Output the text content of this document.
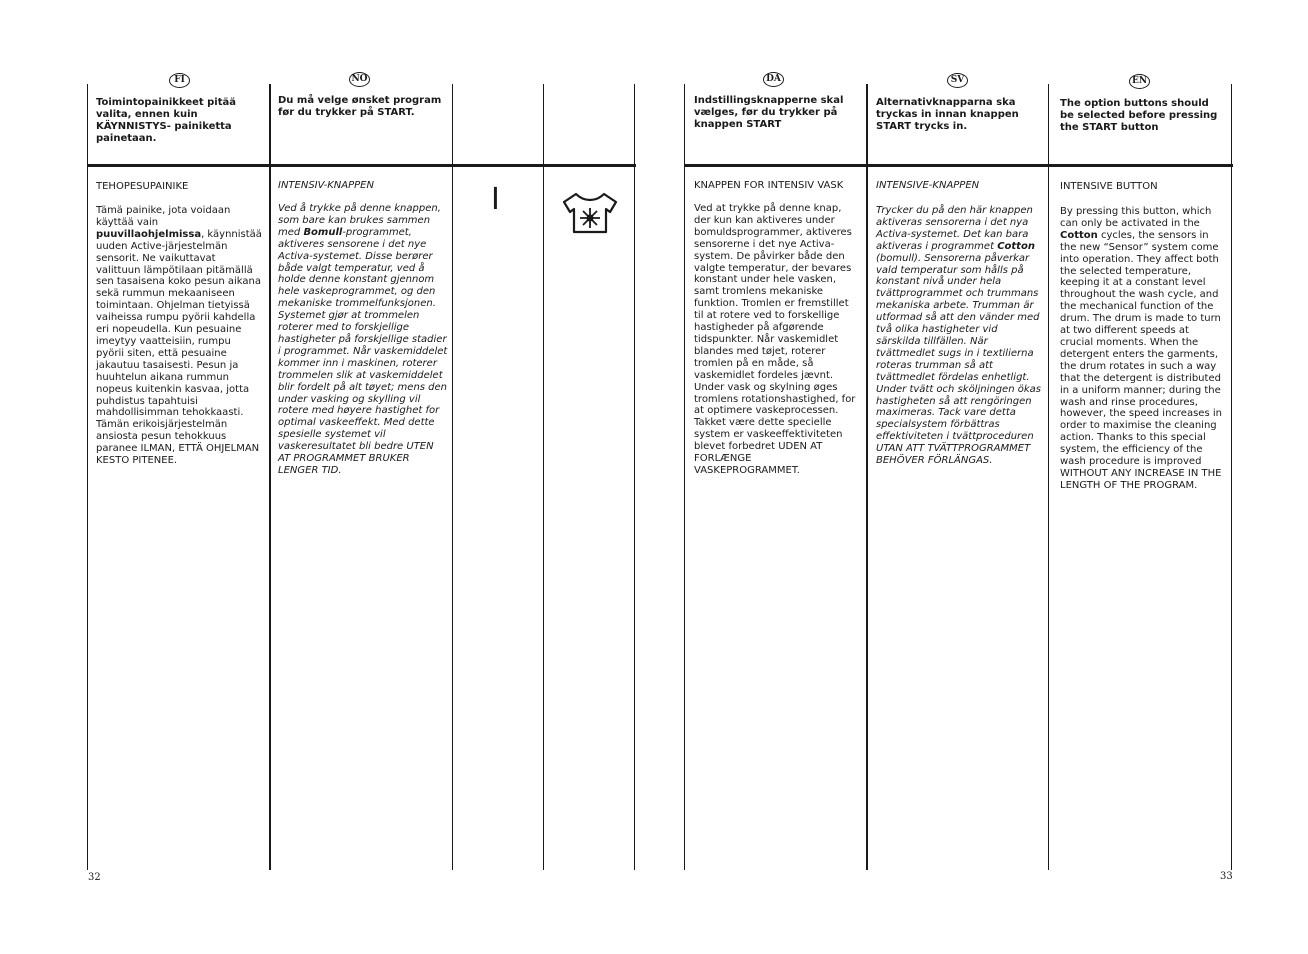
FI
Toimintopainikkeet pitää valita, ennen kuin KÄYNNISTYS- painiketta painetaan.
TEHOPESUPAINIKE
Tämä painike, jota voidaan käyttää vain puuvillaohjelmissa, käynnistää uuden Active-järjestelmän sensorit. Ne vaikuttavat valittuun lämpötilaan pitämällä sen tasaisena koko pesun aikana sekä rummun mekaaniseen toimintaan. Ohjelman tietyissä vaiheissa rumpu pyörii kahdella eri nopeudella. Kun pesuaine imeytyy vaatteisiin, rumpu pyörii siten, että pesuaine jakautuu tasaisesti. Pesun ja huuhtelun aikana rummun nopeus kuitenkin kasvaa, jotta puhdistus tapahtuisi mahdollisimman tehokkaasti. Tämän erikoisjärjestelmän ansiosta pesun tehokkuus paranee ILMAN, ETTÄ OHJELMAN KESTO PITENEE.
NO
Du må velge ønsket program før du trykker på START.
INTENSIV-KNAPPEN
Ved å trykke på denne knappen, som bare kan brukes sammen med Bomull-programmet, aktiveres sensorene i det nye Activa-systemet. Disse berører både valgt temperatur, ved å holde denne konstant gjennom hele vaskeprogrammet, og den mekaniske trommelfunksjonen. Systemet gjør at trommelen roterer med to forskjellige hastigheter på forskjellige stadier i programmet. Når vaskemiddelet kommer inn i maskinen, roterer trommelen slik at vaskemiddelet blir fordelt på alt tøyet; mens den under vasking og skylling vil rotere med høyere hastighet for optimal vaskeeffekt. Med dette spesielle systemet vil vaskeresultatet bli bedre UTEN AT PROGRAMMET BRUKER LENGER TID.
I
32
DA
Indstillingsknapperne skal vælges, før du trykker på knappen START
KNAPPEN FOR INTENSIV VASK
Ved at trykke på denne knap, der kun kan aktiveres under bomuldsprogrammer, aktiveres sensorerne i det nye Activa-system. De påvirker både den valgte temperatur, der bevares konstant under hele vasken, samt tromlens mekaniske funktion. Tromlen er fremstillet til at rotere ved to forskellige hastigheder på afgørende tidspunkter. Når vaskemidlet blandes med tøjet, roterer tromlen på en måde, så vaskemidlet fordeles jævnt. Under vask og skylning øges tromlens rotationshastighed, for at optimere vaskeprocessen. Takket være dette specielle system er vaskeeffektiviteten blevet forbedret UDEN AT FORLÆNGE VASKEPROGRAMMET.
SV
Alternativknapparna ska tryckas in innan knappen START trycks in.
INTENSIVE-KNAPPEN
Trycker du på den här knappen aktiveras sensorerna i det nya Activa-systemet. Det kan bara aktiveras i programmet Cotton (bomull). Sensorerna påverkar vald temperatur som hålls på konstant nivå under hela tvättprogrammet och trummans mekaniska arbete. Trumman är utformad så att den vänder med två olika hastigheter vid särskilda tillfällen. När tvättmedlet sugs in i textilierna roteras trumman så att tvättmedlet fördelas enhetligt. Under tvätt och sköljningen ökas hastigheten så att rengöringen maximeras. Tack vare detta specialsystem förbättras effektiviteten i tvättproceduren UTAN ATT TVÄTTPROGRAMMET BEHÖVER FÖRLÄNGAS.
EN
The option buttons should be selected before pressing the START button
INTENSIVE BUTTON
By pressing this button, which can only be activated in the Cotton cycles, the sensors in the new “Sensor” system come into operation. They affect both the selected temperature, keeping it at a constant level throughout the wash cycle, and the mechanical function of the drum. The drum is made to turn at two different speeds at crucial moments. When the detergent enters the garments, the drum rotates in such a way that the detergent is distributed in a uniform manner; during the wash and rinse procedures, however, the speed increases in order to maximise the cleaning action. Thanks to this special system, the efficiency of the wash procedure is improved WITHOUT ANY INCREASE IN THE LENGTH OF THE PROGRAM.
33
